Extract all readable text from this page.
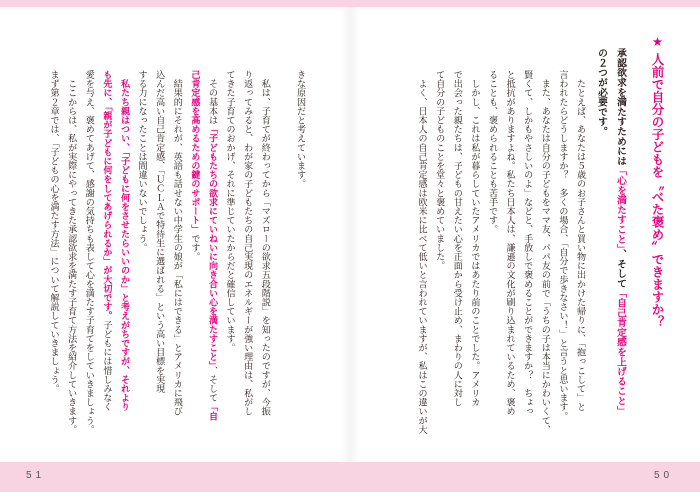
51
きな原因だと考えています。
　私は、子育てが終わってから「マズローの欲求五段階説」を知ったのですが、今振
り返ってみると、わが家の子どもたちの自己実現のエネルギーが強い理由は、私がし
てきた子育てのおかげ、それに準じていたからだと確信しています。
　その基本は「子どもたちの欲求にていねいに向き合い心を満たすこと」、そして「自
己肯定感を高めるための鍵のサポート」です。
　結果的にそれが、英語も話せない中学生の娘が「私にはできる」とアメリカに飛び
込んだ高い自己肯定感、「ＵＣＬＡで特待生に選ばれる」という高い目標を実現
する力になったことは間違いないでしょう。
　私たち親はつい、「子どもに何をさせたらいいのか」と考えがちですが、それより
も先に、「親が子どもに何をしてあげられるか」が大切です。子どもには惜しみなく
愛を与え、褒めてあげて、感謝の気持ちも表して心を満たす子育てをしていきましょう。
　ここからは、私が実際にやってきた承認欲求を満たす子育て方法を紹介していきます。
まず第２章では、「子どもの心を満たす方法」について解説していきましょう。
★人前で自分の子どもを〝べた褒め〟できますか？
50
承認欲求を満たすためには「心を満たすこと」、そして「自己肯定感を上げること」
の２つが必要です。
　たとえば、あなたは５歳のお子さんと買い物に出かけた帰りに、「抱っこして」と
言われたらどうしますか？　多くの場合、「自分で歩きなさい！」と言うと思います。
　また、あなたは自分の子どもをママ友、パパ友の前で「うちの子は本当にかわいくて、
賢くて、しかもやさしいのよ」などと、手放しで褒めることができますか？　ちょっ
と抵抗がありますよね。私たち日本人は、謙遜の文化が刷り込まれているため、褒め
ることも、褒められることも苦手です。
　しかし、これは私が暮らしていたアメリカではあたり前のことでした。アメリカ
で出会った親たちは、子どもの甘えたい心を正面から受け止め、まわりの人に対し
て自分の子どものことを堂々と褒めていました。
　よく、日本人の自己肯定感は欧米に比べて低いと言われていますが、私はこの違いが大
